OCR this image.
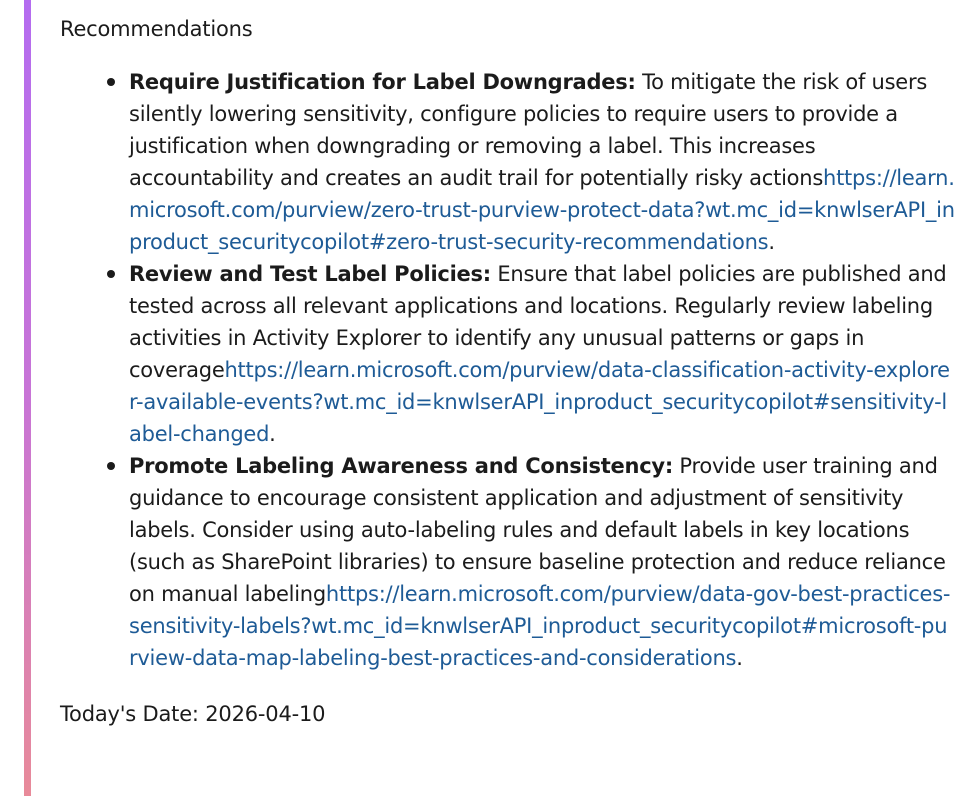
Recommendations
Require Justification for Label Downgrades: To mitigate the risk of users silently lowering sensitivity, configure policies to require users to provide a justification when downgrading or removing a label. This increases accountability and creates an audit trail for potentially risky actionshttps://learn.microsoft.com/purview/zero-trust-purview-protect-data?wt.mc_id=knwlserAPI_inproduct_securitycopilot#zero-trust-security-recommendations.
Review and Test Label Policies: Ensure that label policies are published and tested across all relevant applications and locations. Regularly review labeling activities in Activity Explorer to identify any unusual patterns or gaps in coveragehttps://learn.microsoft.com/purview/data-classification-activity-explorer-available-events?wt.mc_id=knwlserAPI_inproduct_securitycopilot#sensitivity-label-changed.
Promote Labeling Awareness and Consistency: Provide user training and guidance to encourage consistent application and adjustment of sensitivity labels. Consider using auto-labeling rules and default labels in key locations (such as SharePoint libraries) to ensure baseline protection and reduce reliance on manual labelinghttps://learn.microsoft.com/purview/data-gov-best-practices-sensitivity-labels?wt.mc_id=knwlserAPI_inproduct_securitycopilot#microsoft-purview-data-map-labeling-best-practices-and-considerations.
Today's Date: 2026-04-10
